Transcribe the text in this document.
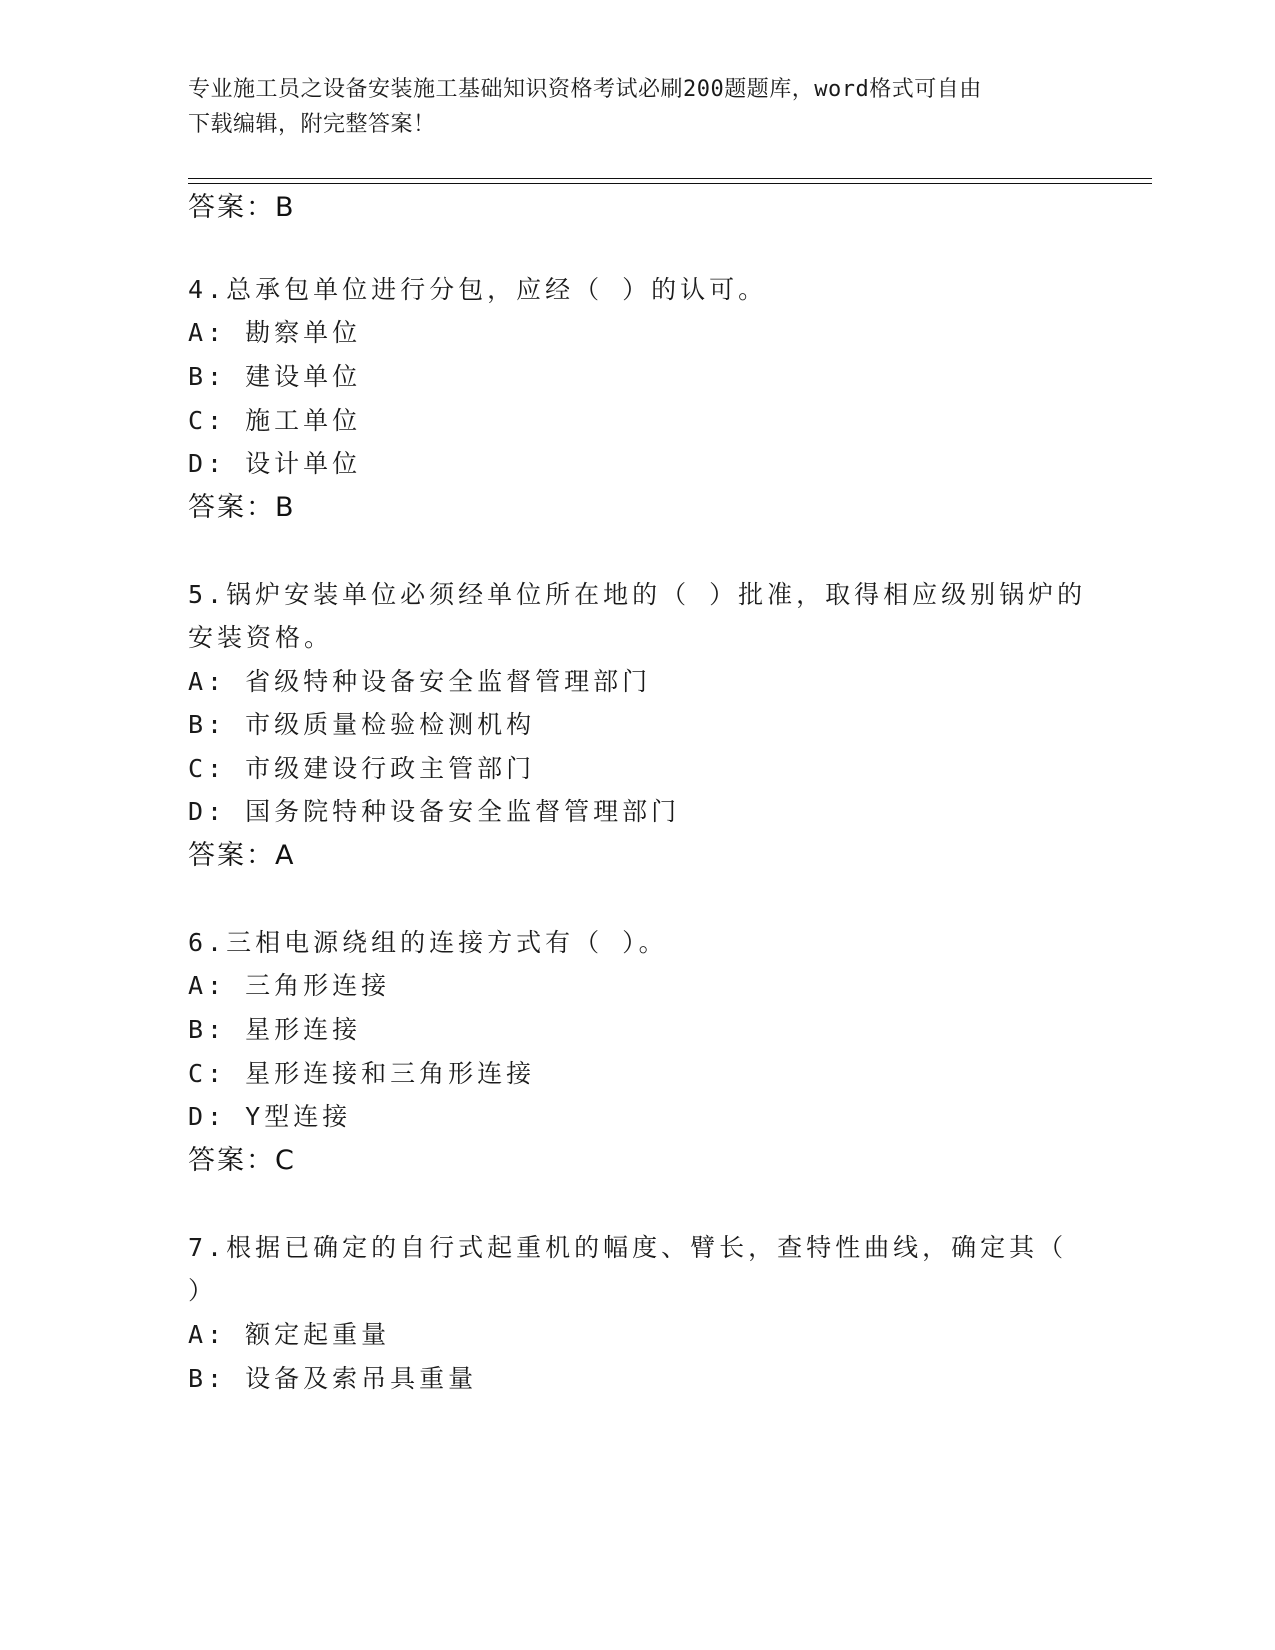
专业施工员之设备安装施工基础知识资格考试必刷200题题库，word格式可自由
下载编辑，附完整答案！
答案：B
4.总承包单位进行分包，应经（ ）的认可。
A: 勘察单位
B: 建设单位
C: 施工单位
D: 设计单位
答案：B
5.锅炉安装单位必须经单位所在地的（ ）批准，取得相应级别锅炉的
安装资格。
A: 省级特种设备安全监督管理部门
B: 市级质量检验检测机构
C: 市级建设行政主管部门
D: 国务院特种设备安全监督管理部门
答案：A
6.三相电源绕组的连接方式有（ ）。
A: 三角形连接
B: 星形连接
C: 星形连接和三角形连接
D: Y型连接
答案：C
7.根据已确定的自行式起重机的幅度、臂长，查特性曲线，确定其（
）
A: 额定起重量
B: 设备及索吊具重量
